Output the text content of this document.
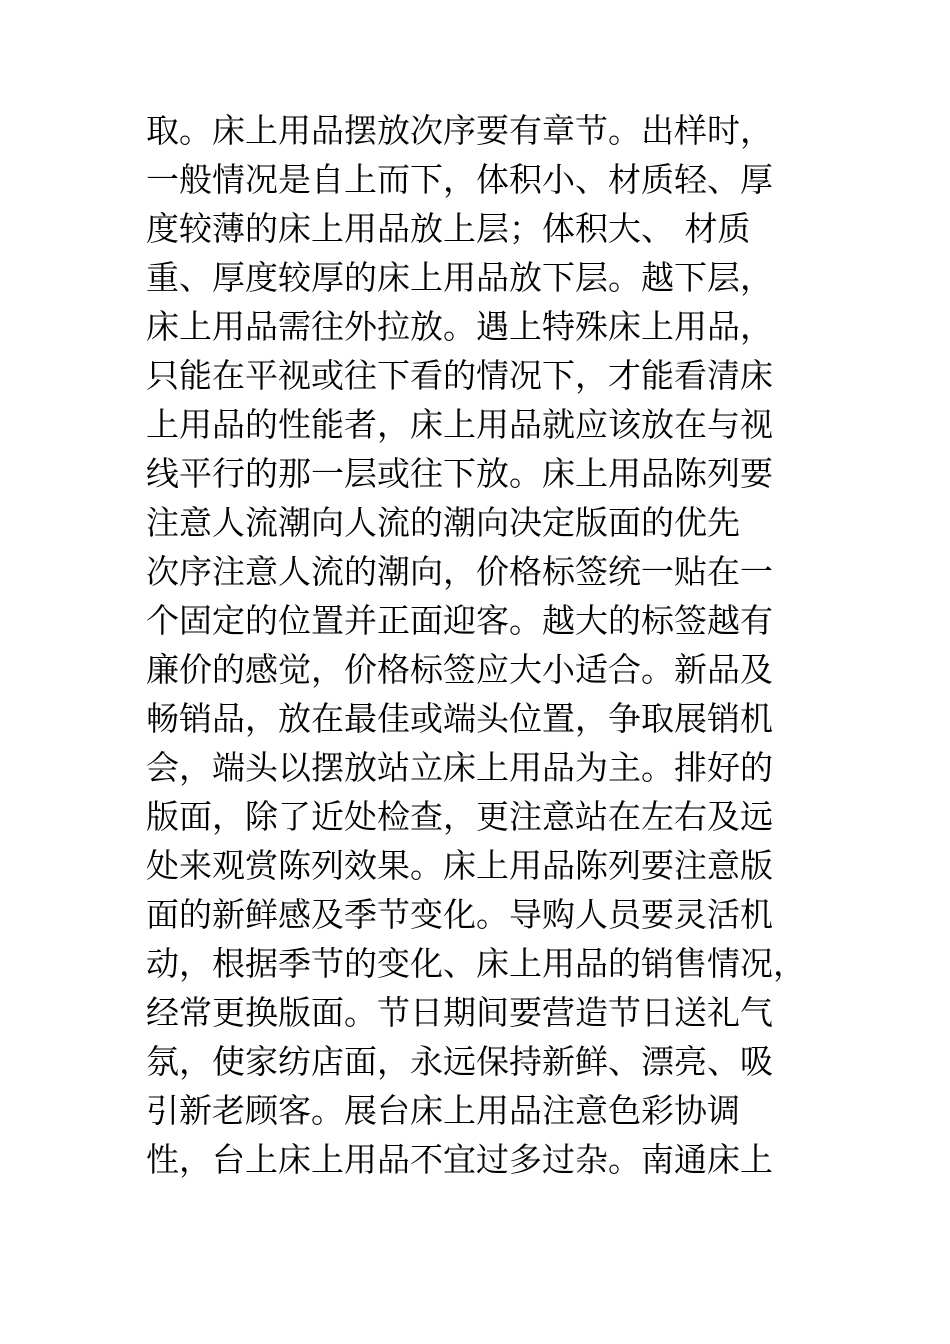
取。床上用品摆放次序要有章节。出样时，
一般情况是自上而下，体积小、材质轻、厚
度较薄的床上用品放上层；体积大、 材质
重、厚度较厚的床上用品放下层。越下层，
床上用品需往外拉放。遇上特殊床上用品，
只能在平视或往下看的情况下，才能看清床
上用品的性能者，床上用品就应该放在与视
线平行的那一层或往下放。床上用品陈列要
注意人流潮向人流的潮向决定版面的优先
次序注意人流的潮向，价格标签统一贴在一
个固定的位置并正面迎客。越大的标签越有
廉价的感觉，价格标签应大小适合。新品及
畅销品，放在最佳或端头位置，争取展销机
会，端头以摆放站立床上用品为主。排好的
版面，除了近处检查，更注意站在左右及远
处来观赏陈列效果。床上用品陈列要注意版
面的新鲜感及季节变化。导购人员要灵活机
动，根据季节的变化、床上用品的销售情况，
经常更换版面。节日期间要营造节日送礼气
氛，使家纺店面，永远保持新鲜、漂亮、吸
引新老顾客。展台床上用品注意色彩协调
性，台上床上用品不宜过多过杂。南通床上
